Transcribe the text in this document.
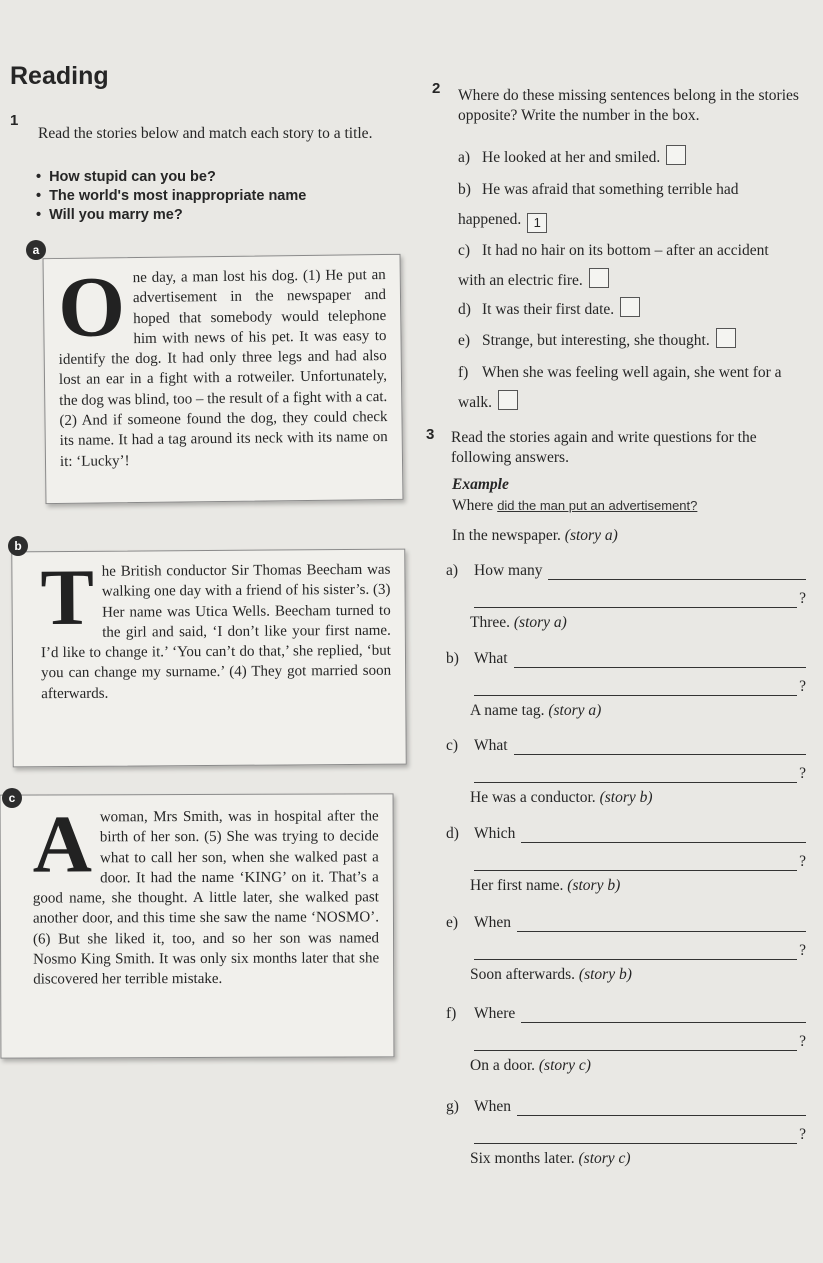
Reading
1
Read the stories below and match each story to a title.
• How stupid can you be?
• The world's most inappropriate name
• Will you marry me?

One day, a man lost his dog. (1) He put an advertisement in the newspaper and hoped that somebody would telephone him with news of his pet. It was easy to identify the dog. It had only three legs and had also lost an ear in a fight with a rotweiler. Unfortunately, the dog was blind, too – the result of a fight with a cat. (2) And if someone found the dog, they could check its name. It had a tag around its neck with its name on it: ‘Lucky’!

a

The British conductor Sir Thomas Beecham was walking one day with a friend of his sister’s. (3) Her name was Utica Wells. Beecham turned to the girl and said, ‘I don’t like your first name. I’d like to change it.’ ‘You can’t do that,’ she replied, ‘but you can change my surname.’ (4) They got married soon afterwards.

b

Awoman, Mrs Smith, was in hospital after the birth of her son. (5) She was trying to decide what to call her son, when she walked past a door. It had the name ‘KING’ on it. That’s a good name, she thought. A little later, she walked past another door, and this time she saw the name ‘NOSMO’. (6) But she liked it, too, and so her son was named Nosmo King Smith. It was only six months later that she discovered her terrible mistake.

c
2 Where do these missing sentences belong in the stories opposite? Write the number in the box.
a) He looked at her and smiled.
b) He was afraid that something terrible had happened. 1
c) It had no hair on its bottom – after an accident with an electric fire.
d) It was their first date.
e) Strange, but interesting, she thought.
f) When she was feeling well again, she went for a walk.
3 Read the stories again and write questions for the following answers.
Example
Where did the man put an advertisement?
In the newspaper. (story a)
a)	How many
?
Three. (story a)
b) What
?
A name tag. (story a)
c)	What
?
He was a conductor. (story b)
d) Which
?
Her first name. (story b)
e)	When
?
Soon afterwards. (story b)
f)	Where
?
On a door. (story c)
g) When
?
Six months later. (story c)
